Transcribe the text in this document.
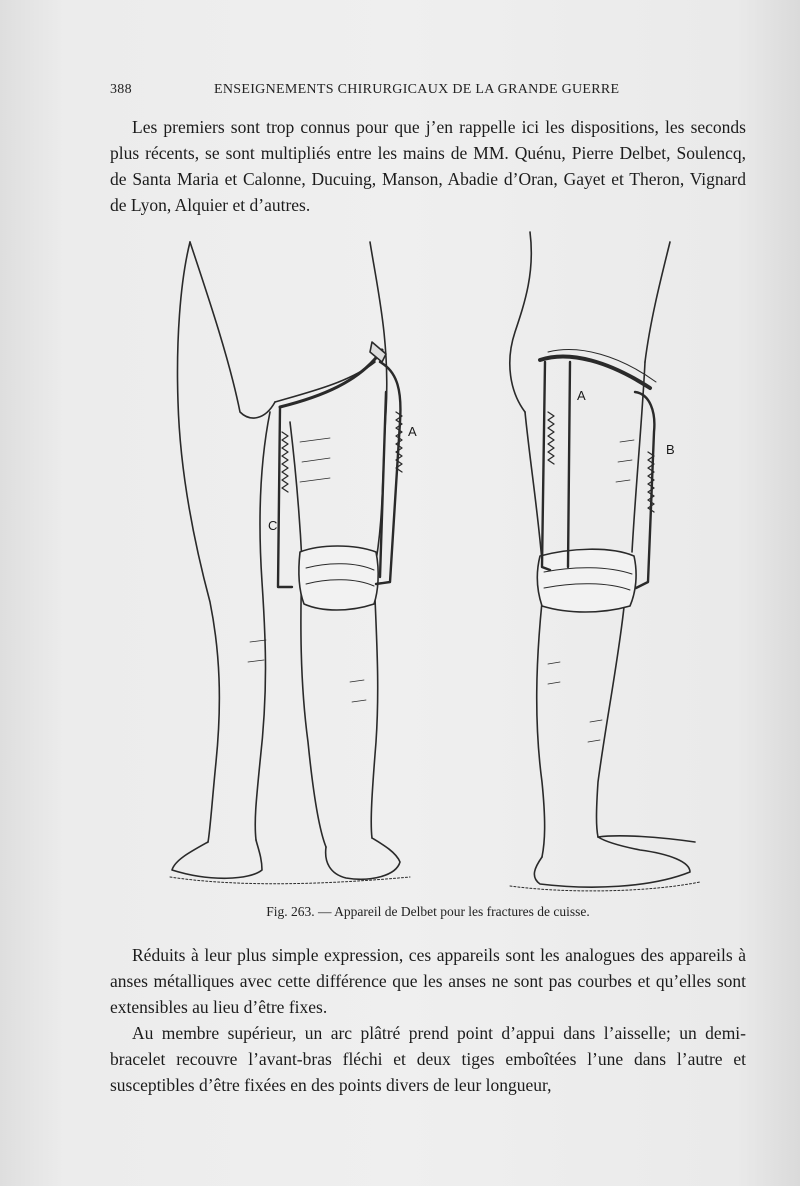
388	ENSEIGNEMENTS CHIRURGICAUX DE LA GRANDE GUERRE
Les premiers sont trop connus pour que j’en rappelle ici les dispositions, les seconds plus récents, se sont multipliés entre les mains de MM. Quénu, Pierre Delbet, Soulencq, de Santa Maria et Calonne, Ducuing, Manson, Abadie d’Oran, Gayet et Theron, Vignard de Lyon, Alquier et d’autres.
A
C
A
B
Fig. 263. — Appareil de Delbet pour les fractures de cuisse.
Réduits à leur plus simple expression, ces appareils sont les analogues des appareils à anses métalliques avec cette différence que les anses ne sont pas courbes et qu’elles sont extensibles au lieu d’être fixes.
Au membre supérieur, un arc plâtré prend point d’appui dans l’aisselle; un demi-bracelet recouvre l’avant-bras fléchi et deux tiges emboîtées l’une dans l’autre et susceptibles d’être fixées en des points divers de leur longueur,
